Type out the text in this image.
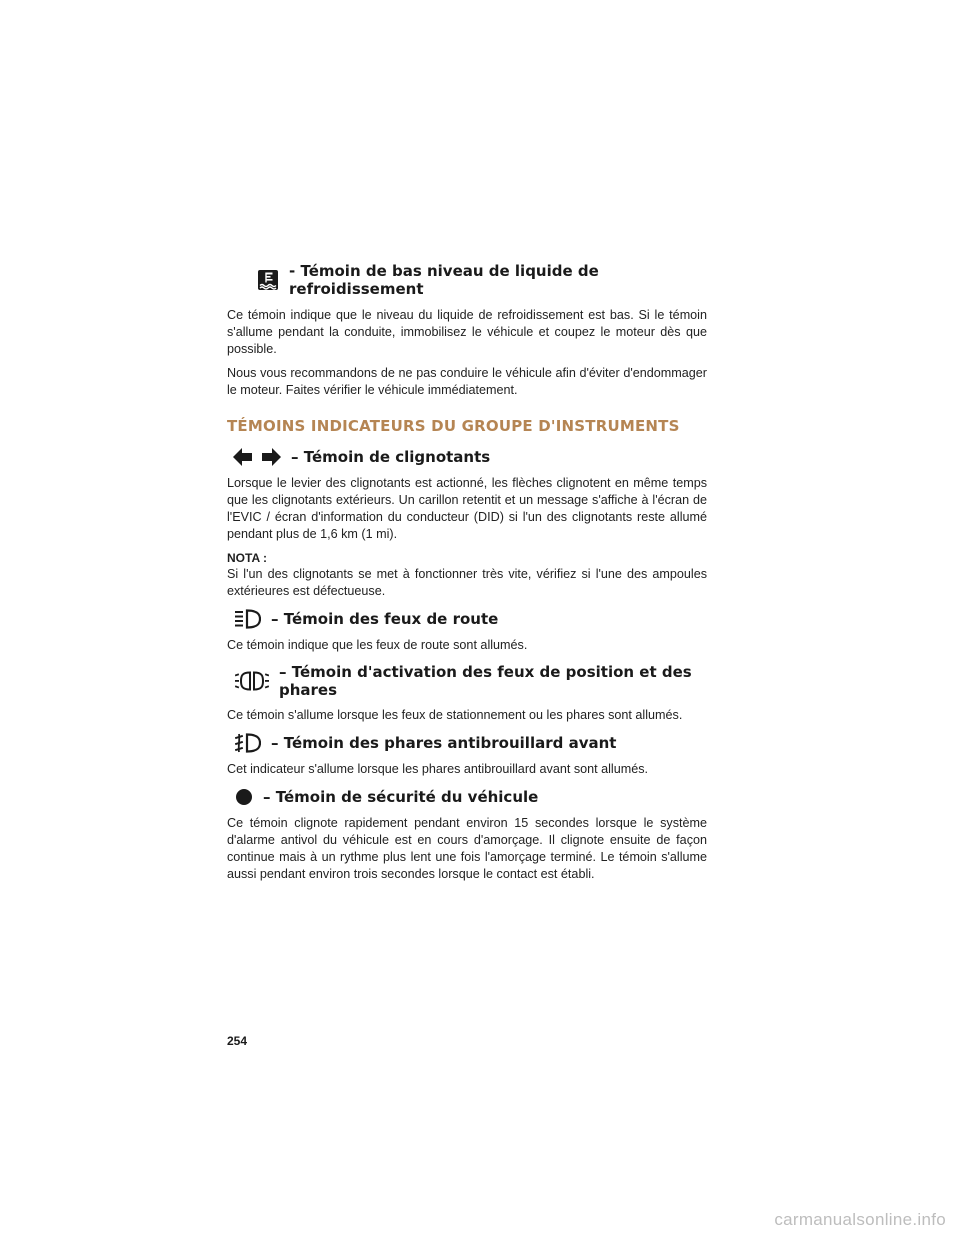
- Témoin de bas niveau de liquide de refroidissement

Ce témoin indique que le niveau du liquide de refroidissement est bas. Si le témoin s'allume pendant la conduite, immobilisez le véhicule et coupez le moteur dès que possible.

Nous vous recommandons de ne pas conduire le véhicule afin d'éviter d'endommager le moteur. Faites vérifier le véhicule immédiatement.

TÉMOINS INDICATEURS DU GROUPE D'INSTRUMENTS

– Témoin de clignotants

Lorsque le levier des clignotants est actionné, les flèches clignotent en même temps que les clignotants extérieurs. Un carillon retentit et un message s'affiche à l'écran de l'EVIC / écran d'information du conducteur (DID) si l'un des clignotants reste allumé pendant plus de 1,6 km (1 mi).

NOTA :

Si l'un des clignotants se met à fonctionner très vite, vérifiez si l'une des ampoules extérieures est défectueuse.

– Témoin des feux de route

Ce témoin indique que les feux de route sont allumés.

– Témoin d'activation des feux de position et des phares

Ce témoin s'allume lorsque les feux de stationnement ou les phares sont allumés.

– Témoin des phares antibrouillard avant

Cet indicateur s'allume lorsque les phares antibrouillard avant sont allumés.

– Témoin de sécurité du véhicule

Ce témoin clignote rapidement pendant environ 15 secondes lorsque le système d'alarme antivol du véhicule est en cours d'amorçage. Il clignote ensuite de façon continue mais à un rythme plus lent une fois l'amorçage terminé. Le témoin s'allume aussi pendant environ trois secondes lorsque le contact est établi.

254
carmanualsonline.info
